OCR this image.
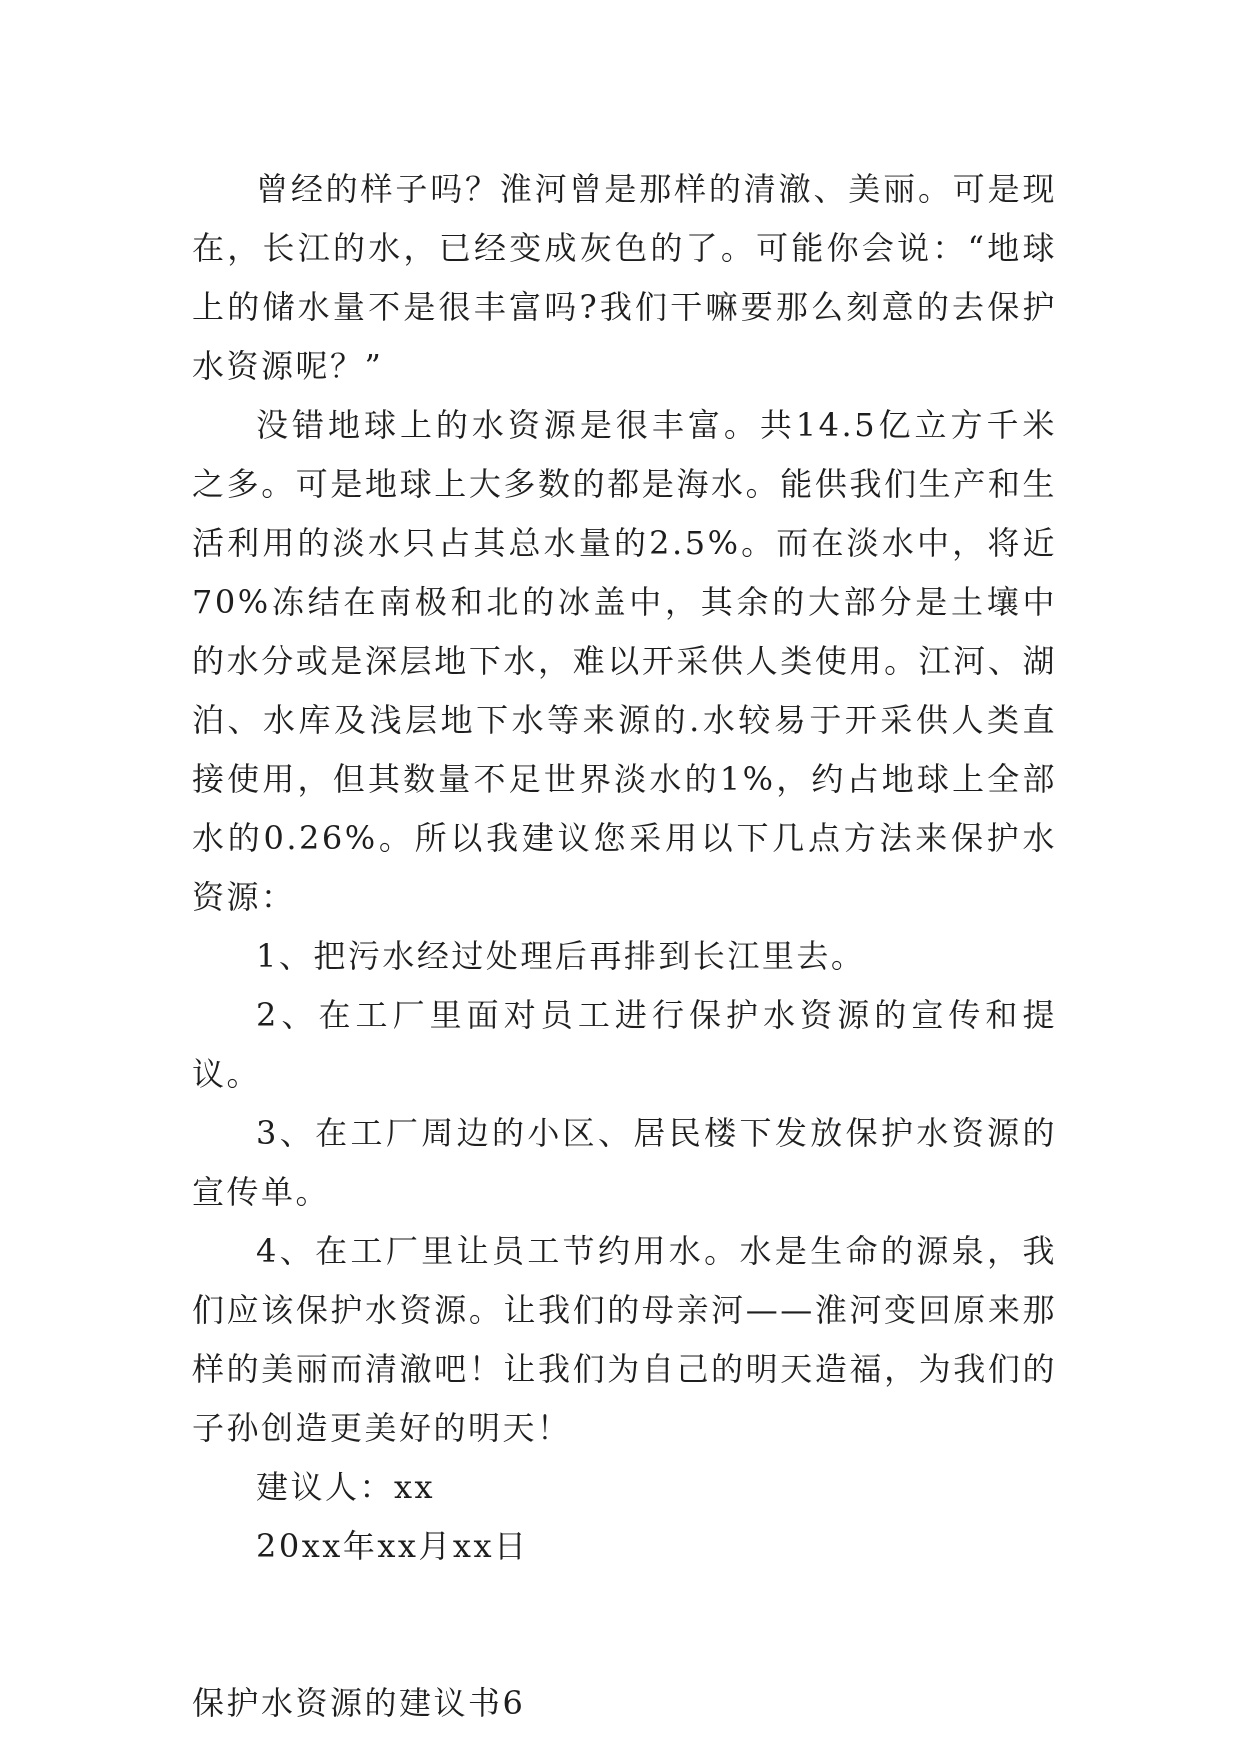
曾经的样子吗？淮河曾是那样的清澈、美丽。可是现在，长江的水，已经变成灰色的了。可能你会说：“地球上的储水量不是很丰富吗?我们干嘛要那么刻意的去保护水资源呢？”

没错地球上的水资源是很丰富。共14.5亿立方千米之多。可是地球上大多数的都是海水。能供我们生产和生活利用的淡水只占其总水量的2.5%。而在淡水中，将近70%冻结在南极和北的冰盖中，其余的大部分是土壤中的水分或是深层地下水，难以开采供人类使用。江河、湖泊、水库及浅层地下水等来源的.水较易于开采供人类直接使用，但其数量不足世界淡水的1%，约占地球上全部水的0.26%。所以我建议您采用以下几点方法来保护水资源：

1、把污水经过处理后再排到长江里去。

2、在工厂里面对员工进行保护水资源的宣传和提议。

3、在工厂周边的小区、居民楼下发放保护水资源的宣传单。

4、在工厂里让员工节约用水。水是生命的源泉，我们应该保护水资源。让我们的母亲河——淮河变回原来那样的美丽而清澈吧！让我们为自己的明天造福，为我们的子孙创造更美好的明天！

建议人：xx

20xx年xx月xx日

保护水资源的建议书6
